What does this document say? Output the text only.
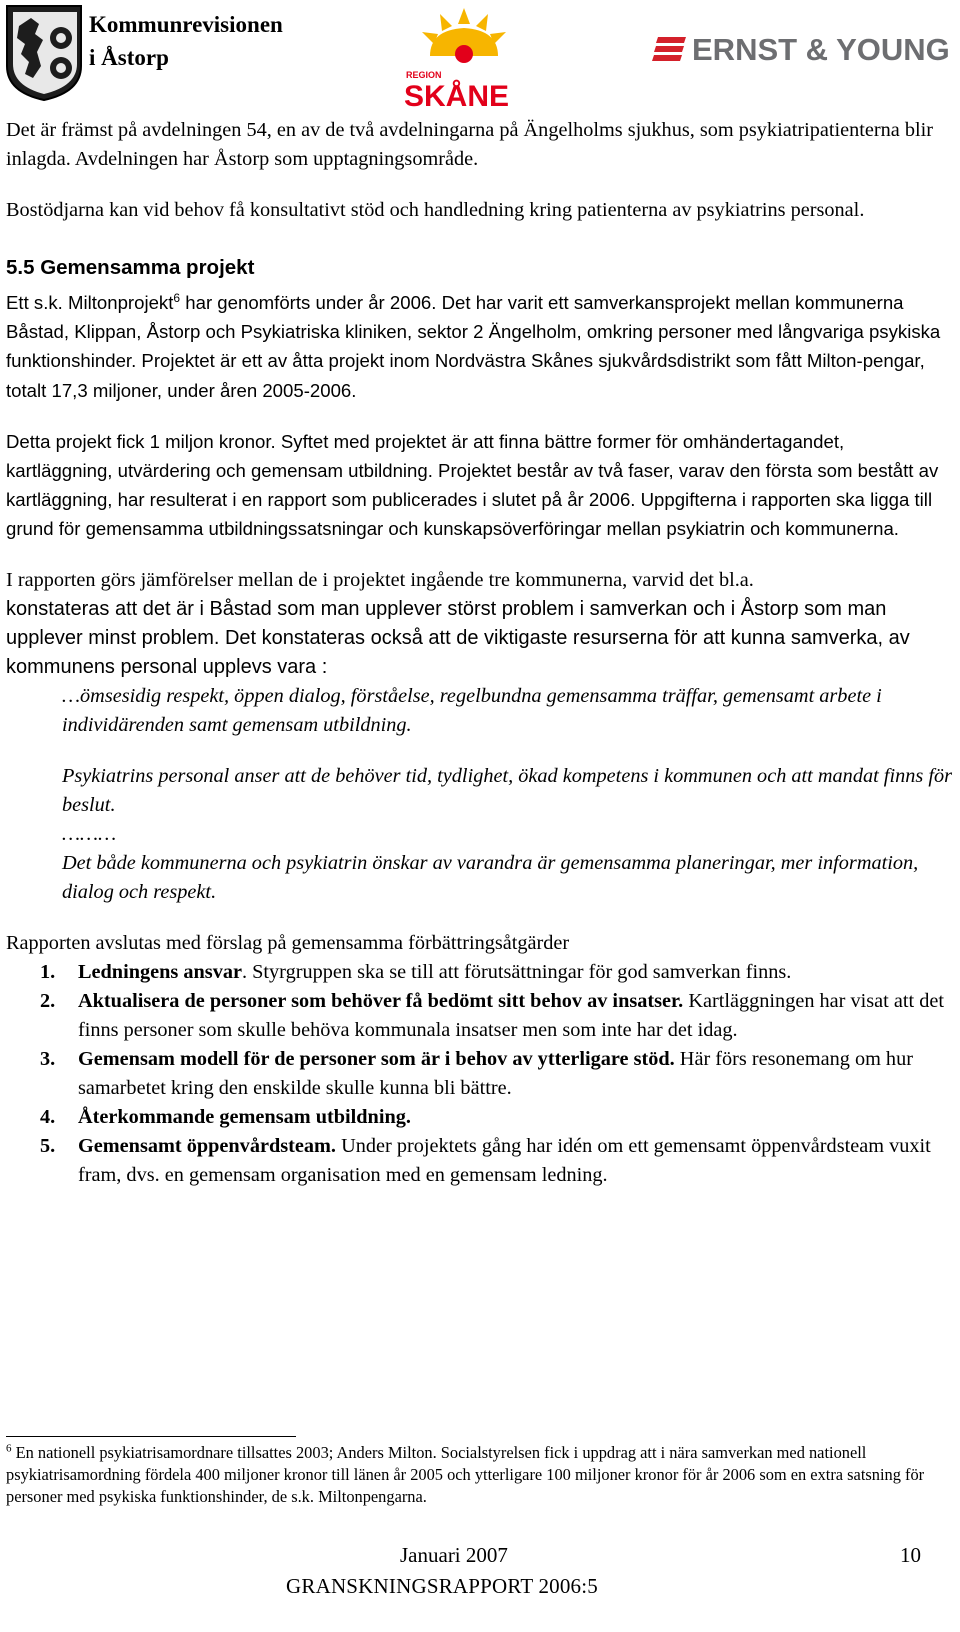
Kommunrevisionen
i Åstorp
REGION
SKÅNE
ERNST & YOUNG

Det är främst på avdelningen 54, en av de två avdelningarna på Ängelholms sjukhus, som psykiatripatienterna blir inlagda. Avdelningen har Åstorp som upptagningsområde.

Bostödjarna kan vid behov få konsultativt stöd och handledning kring patienterna av psykiatrins personal.

5.5 Gemensamma projekt

Ett s.k. Miltonprojekt$^6$ har genomförts under år 2006. Det har varit ett samverkansprojekt mellan kommunerna Båstad, Klippan, Åstorp och Psykiatriska kliniken, sektor 2 Ängelholm, omkring personer med långvariga psykiska funktionshinder. Projektet är ett av åtta projekt inom Nordvästra Skånes sjukvårdsdistrikt som fått Milton-pengar, totalt 17,3 miljoner, under åren 2005-2006.

Detta projekt fick 1 miljon kronor. Syftet med projektet är att finna bättre former för omhändertagandet, kartläggning, utvärdering och gemensam utbildning. Projektet består av två faser, varav den första som bestått av kartläggning, har resulterat i en rapport som publicerades i slutet på år 2006. Uppgifterna i rapporten ska ligga till grund för gemensamma utbildningssatsningar och kunskapsöverföringar mellan psykiatrin och kommunerna.

I rapporten görs jämförelser mellan de i projektet ingående tre kommunerna, varvid det bl.a.
konstateras att det är i Båstad som man upplever störst problem i samverkan och i Åstorp som man upplever minst problem. Det konstateras också att de viktigaste resurserna för att kunna samverka, av kommunens personal upplevs vara :

…ömsesidig respekt, öppen dialog, förståelse, regelbundna gemensamma träffar, gemensamt arbete i individärenden samt gemensam utbildning.

Psykiatrins personal anser att de behöver tid, tydlighet, ökad kompetens i kommunen och att mandat finns för beslut.

………

Det både kommunerna och psykiatrin önskar av varandra är gemensamma planeringar, mer information, dialog och respekt.

Rapporten avslutas med förslag på gemensamma förbättringsåtgärder

1. Ledningens ansvar. Styrgruppen ska se till att förutsättningar för god samverkan finns.
2. Aktualisera de personer som behöver få bedömt sitt behov av insatser. Kartläggningen har visat att det finns personer som skulle behöva kommunala insatser men som inte har det idag.
3. Gemensam modell för de personer som är i behov av ytterligare stöd. Här förs resonemang om hur samarbetet kring den enskilde skulle kunna bli bättre.
4. Återkommande gemensam utbildning.
5. Gemensamt öppenvårdsteam. Under projektets gång har idén om ett gemensamt öppenvårdsteam vuxit fram, dvs. en gemensam organisation med en gemensam ledning.

$^6$ En nationell psykiatrisamordnare tillsattes 2003; Anders Milton. Socialstyrelsen fick i uppdrag att i nära samverkan med nationell psykiatrisamordning fördela 400 miljoner kronor till länen år 2005 och ytterligare 100 miljoner kronor för år 2006 som en extra satsning för personer med psykiska funktionshinder, de s.k. Miltonpengarna.

Januari 2007	10
GRANSKNINGSRAPPORT 2006:5
